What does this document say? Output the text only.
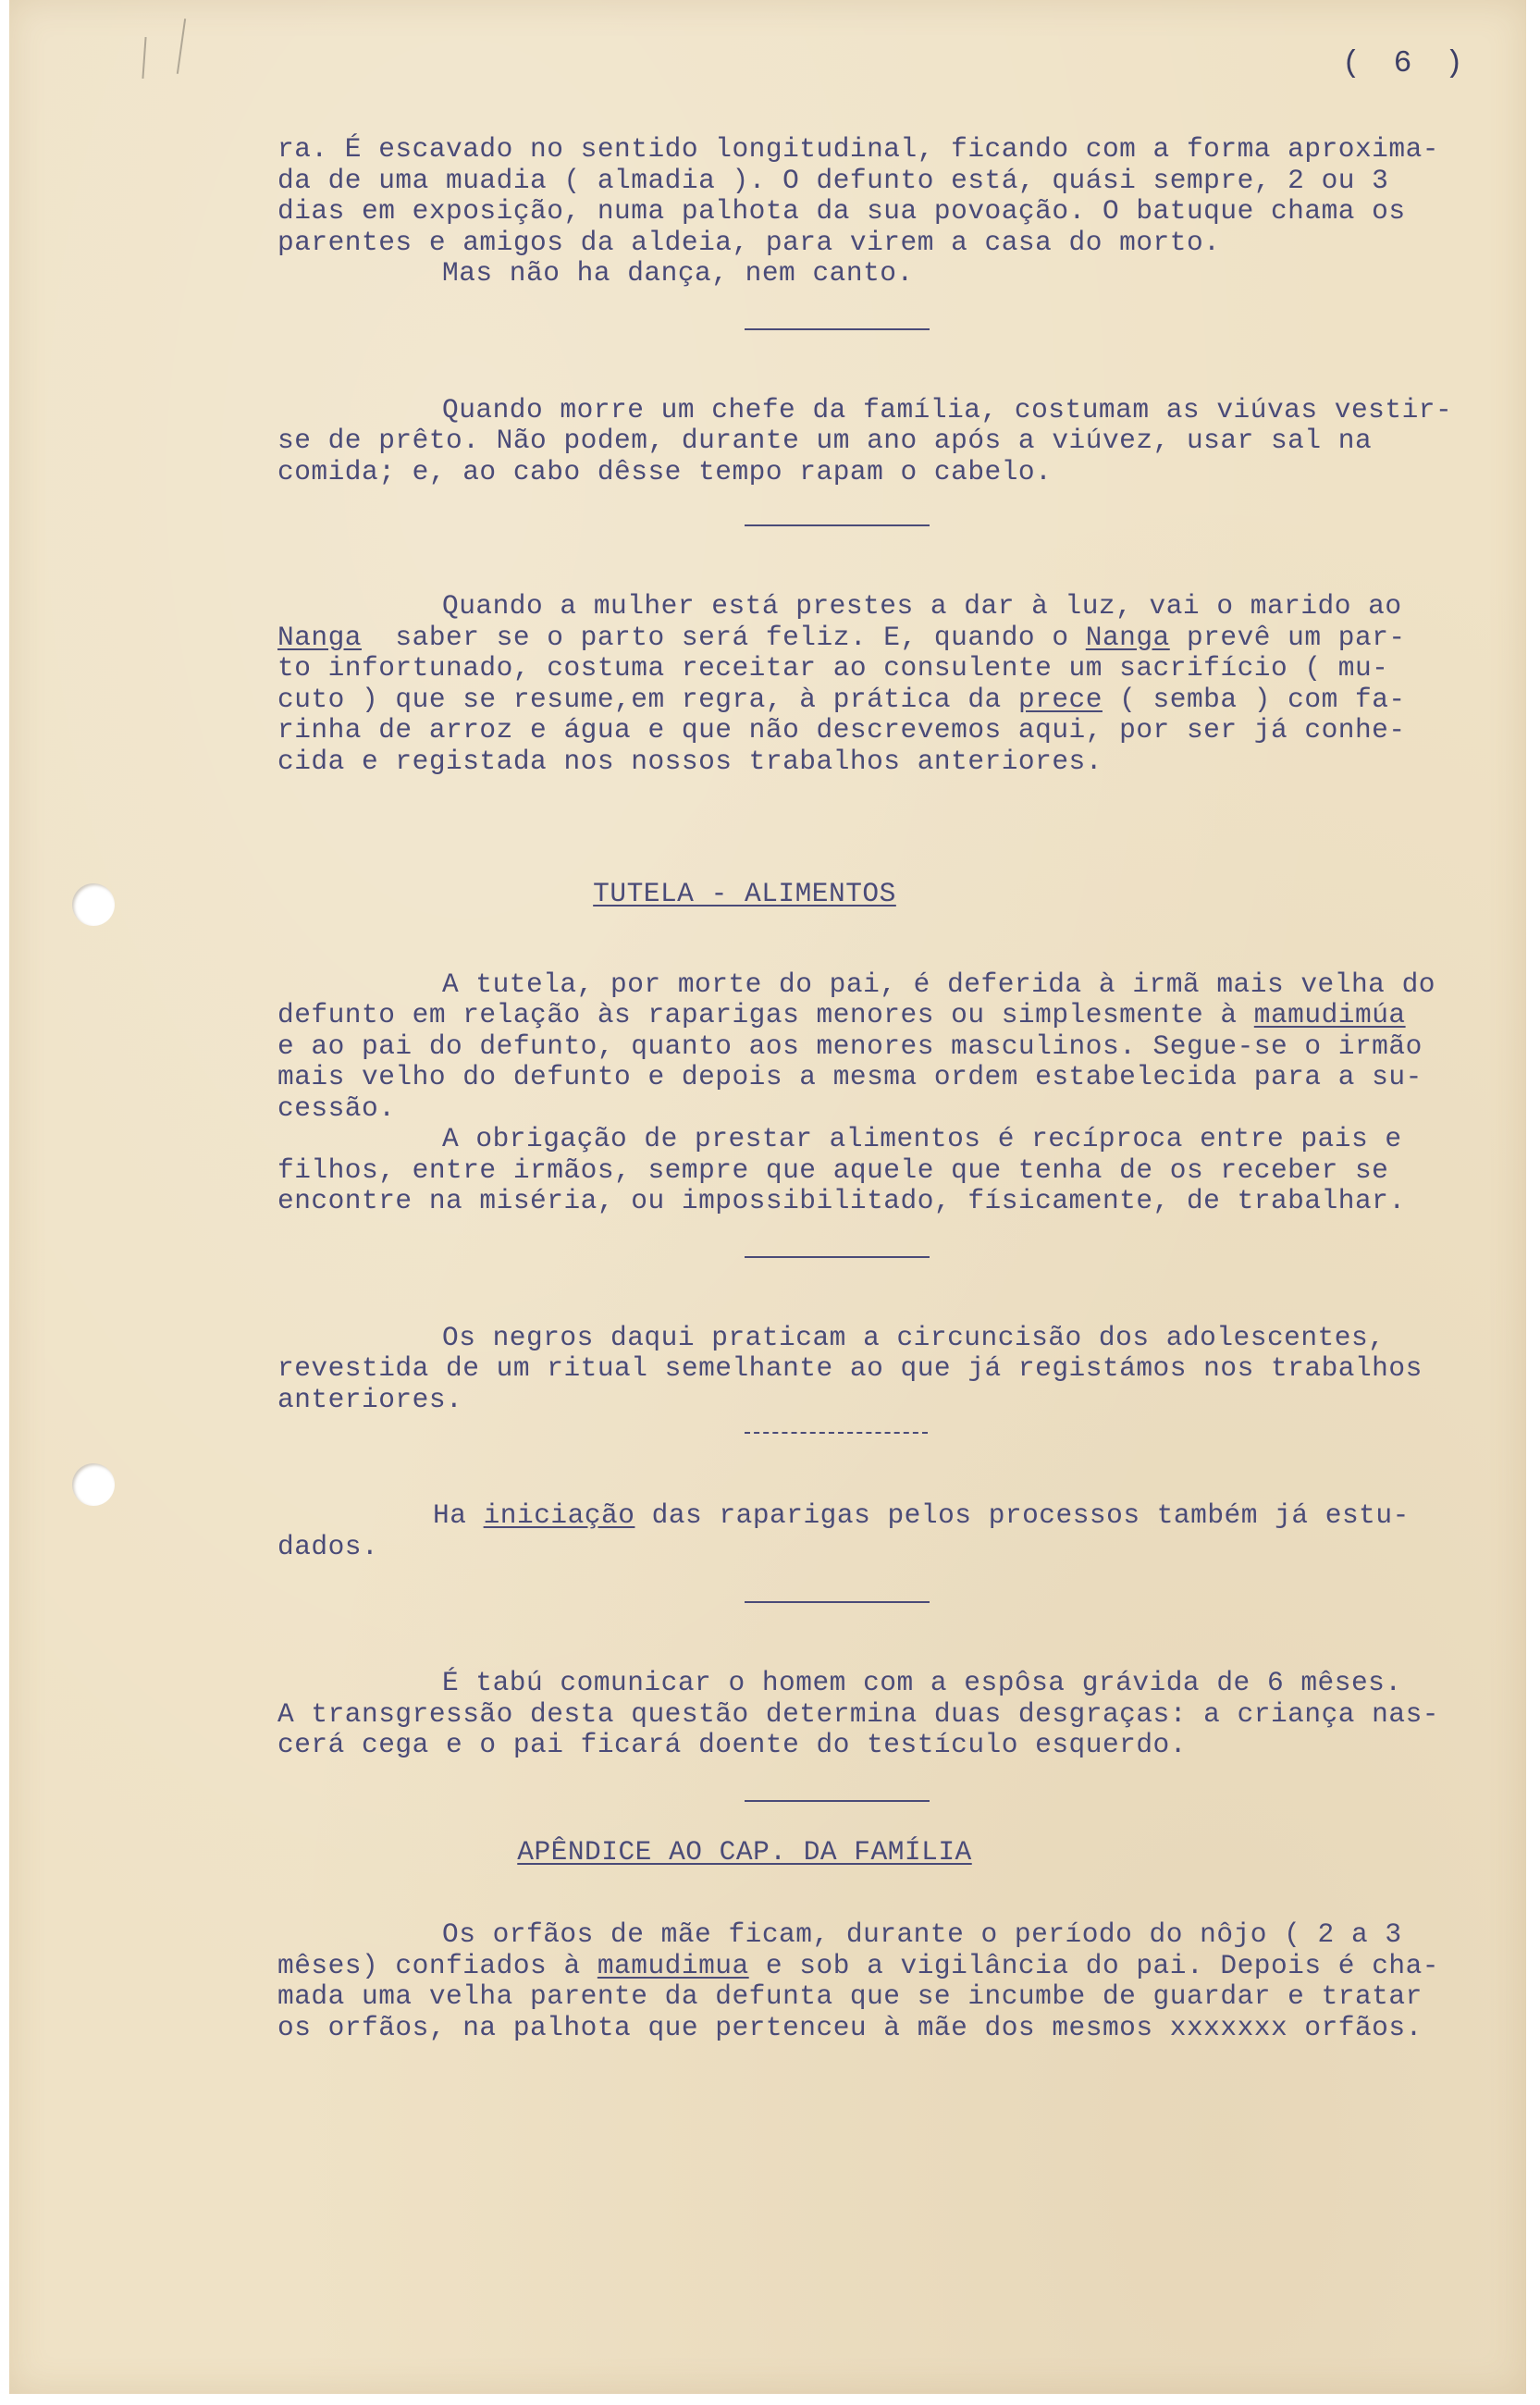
( 6 )
ra. É escavado no sentido longitudinal, ficando com a forma aproxima-
da de uma muadia ( almadia ). O defunto está, quási sempre, 2 ou 3
dias em exposição, numa palhota da sua povoação. O batuque chama os
parentes e amigos da aldeia, para virem a casa do morto.
Mas não ha dança, nem canto.
Quando morre um chefe da família, costumam as viúvas vestir-
se de prêto. Não podem, durante um ano após a viúvez, usar sal na
comida; e, ao cabo dêsse tempo rapam o cabelo.
Quando a mulher está prestes a dar à luz, vai o marido ao
Nanga  saber se o parto será feliz. E, quando o Nanga prevê um par-
to infortunado, costuma receitar ao consulente um sacrifício ( mu-
cuto ) que se resume,em regra, à prática da prece ( semba ) com fa-
rinha de arroz e água e que não descrevemos aqui, por ser já conhe-
cida e registada nos nossos trabalhos anteriores.
TUTELA - ALIMENTOS
A tutela, por morte do pai, é deferida à irmã mais velha do
defunto em relação às raparigas menores ou simplesmente à mamudimúa
e ao pai do defunto, quanto aos menores masculinos. Segue-se o irmão
mais velho do defunto e depois a mesma ordem estabelecida para a su-
cessão.
A obrigação de prestar alimentos é recíproca entre pais e
filhos, entre irmãos, sempre que aquele que tenha de os receber se
encontre na miséria, ou impossibilitado, físicamente, de trabalhar.
Os negros daqui praticam a circuncisão dos adolescentes,
revestida de um ritual semelhante ao que já registámos nos trabalhos
anteriores.
Ha iniciação das raparigas pelos processos também já estu-
dados.
É tabú comunicar o homem com a espôsa grávida de 6 mêses.
A transgressão desta questão determina duas desgraças: a criança nas-
cerá cega e o pai ficará doente do testículo esquerdo.
APÊNDICE AO CAP. DA FAMÍLIA
Os orfãos de mãe ficam, durante o período do nôjo ( 2 a 3
mêses) confiados à mamudimua e sob a vigilância do pai. Depois é cha-
mada uma velha parente da defunta que se incumbe de guardar e tratar
os orfãos, na palhota que pertenceu à mãe dos mesmos xxxxxxx orfãos.
